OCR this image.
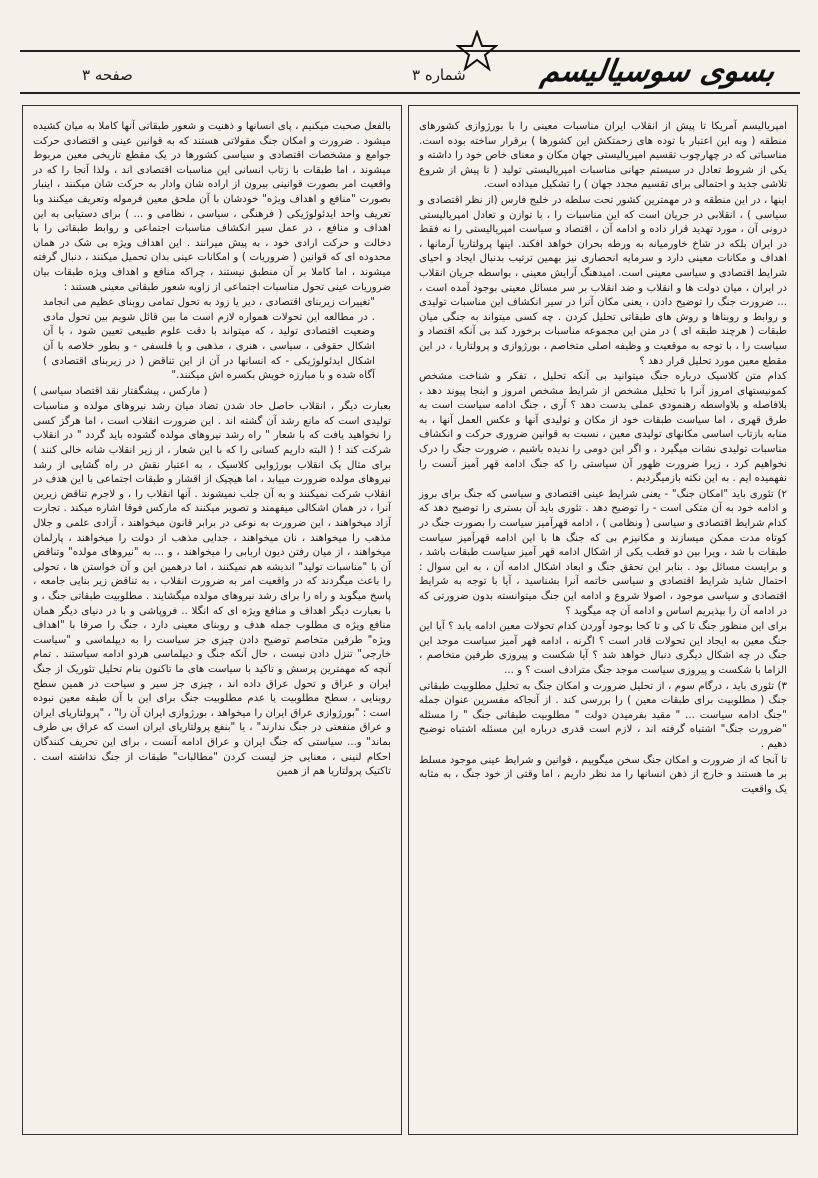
بسوی سوسیالیسم
شماره ۳
صفحه ۳

امپریالیسم آمریکا تا پیش از انقلاب ایران مناسبات معینی را با بورژوازی کشورهای منطقه ( وبه این اعتبار با توده های زحمتکش این کشورها ) برقرار ساخته بوده است. مناسباتی که در چهارچوب تقسیم امپریالیستی جهان مکان و معنای خاص خود را داشته و یکی از شروط تعادل در سیستم جهانی مناسبات امپریالیستی تولید ( تا پیش از شروع تلاشی جدید و احتمالی برای تقسیم مجدد جهان ) را تشکیل میداده است.

اینها ، در این منطقه و در مهمترین کشور تحت سلطه در خلیج فارس (از نظر اقتصادی و سیاسی ) ، انقلابی در جریان است که این مناسبات را ، با توازن و تعادل امپریالیستی درونی آن ، مورد تهدید قرار داده و ادامه آن ، اقتصاد و سیاست امپریالیستی را نه فقط در ایران بلکه در شاخ خاورمیانه به ورطه بحران خواهد افکند. اینها پرولتاریا آرمانها ، اهداف و مکانات معینی دارد و سرمایه انحصاری نیز بهمین ترتیب بدنبال ایجاد و احیای شرایط اقتصادی و سیاسی معینی است. امیدهنگ آرایش معینی ، بواسطه جریان انقلاب در ایران ، میان دولت ها و انقلاب و ضد انقلاب بر سر مسائل معینی بوجود آمده است ، ... ضرورت جنگ را توضیح دادن ، یعنی مکان آنرا در سیر انکشاف این مناسبات تولیدی و روابط و روبناها و روش های طبقاتی تحلیل کردن . چه کسی میتواند به جنگی میان طبقات ( هرچند طبقه ای ) در متن این مجموعه مناسبات برخورد کند بی آنکه اقتصاد و سیاست را ، با توجه به موقعیت و وظیفه اصلی متخاصم ، بورژوازی و پرولتاریا ، در این مقطع معین مورد تحلیل قرار دهد ؟

کدام متن کلاسیک درباره جنگ میتوانید بی آنکه تحلیل ، تفکر و شناخت مشخص کمونیستهای امروز آنرا با تحلیل مشخص از شرایط مشخص امروز و اینجا پیوند دهد ، بلافاصله و بلاواسطه رهنمودی عملی بدست دهد ؟ آری ، جنگ ادامه سیاست است به طرق قهری ، اما سیاست طبقات خود از مکان و تولیدی آنها و عکس العمل آنها ، به منابه بازتاب اساسی مکانهای تولیدی معین ، نسبت به قوانین ضروری حرکت و انکشاف مناسبات تولیدی نشات میگیرد ، و اگر این دومی را ندیده باشیم ، ضرورت جنگ را درک نخواهیم کرد ، زیرا ضرورت ظهور آن سیاستی را که جنگ ادامه قهر آمیز آنست را نفهمیده ایم . به این نکته بازمیگردیم .

۲) تئوری باید "امکان جنگ" - یعنی شرایط عینی اقتصادی و سیاسی که جنگ برای بروز و ادامه خود به آن متکی است - را توضیح دهد . تئوری باید آن بستری را توضیح دهد که کدام شرایط اقتصادی و سیاسی ( ونظامی ) ، ادامه قهرآمیز سیاست را بصورت جنگ در کوتاه مدت ممکن میسازند و مکانیزم بی که جنگ ها با این ادامه قهرآمیز سیاست طبقات با شد ، ویرا بین دو قطب یکی از اشکال ادامه قهر آمیز سیاست طبقات باشد ، و برایست مسائل بود . بنابر این تحقق جنگ و ابعاد اشکال ادامه آن ، به این سوال : احتمال شاید شرایط اقتصادی و سیاسی خاتمه آنرا بشناسید ، آیا با توجه به شرایط اقتصادی و سیاسی موجود ، اصولا شروع و ادامه این جنگ میتوانسته بدون ضرورتی که در ادامه آن را بپذیریم اساس و ادامه آن چه میگوید ؟

برای این منظور جنگ تا کی و تا کجا بوجود آوردن کدام تحولات معین ادامه یابد ؟ آیا این جنگ معین به ایجاد این تحولات قادر است ؟ اگرنه ، ادامه قهر آمیز سیاست موجد این جنگ در چه اشکال دیگری دنبال خواهد شد ؟ آیا شکست و پیروزی طرفین متخاصم ، الزاما با شکست و پیروزی سیاست موجد جنگ مترادف است ؟ و ...

۳) تئوری باید ، درگام سوم ، از تحلیل ضرورت و امکان جنگ به تحلیل مطلوبیت طبقاتی جنگ ( مطلوبیت برای طبقات معین ) را بررسی کند . از آنجاکه مفسرین عنوان جمله "جنگ ادامه سیاست ... " مقید بفرمیدن دولت " مطلوبیت طبقاتی جنگ " را مسئله "ضرورت جنگ" اشتباه گرفته اند ، لازم است قدری درباره این مسئله اشتباه توضیح دهیم .

تا آنجا که از ضرورت و امکان جنگ سخن میگوییم ، قوانین و شرایط عینی موجود مسلط بر ما هستند و خارج از ذهن انسانها را مد نظر داریم ، اما وقتی از خود جنگ ، به مثابه یک واقعیت

بالفعل صحبت میکنیم ، پای انسانها و ذهنیت و شعور طبقاتی آنها کاملا به میان کشیده میشود . ضرورت و امکان جنگ مقولاتی هستند که به قوانین عینی و اقتصادی حرکت جوامع و مشخصات اقتصادی و سیاسی کشورها در یک مقطع تاریخی معین مربوط میشوند ، اما طبقات با زتاب انسانی این مناسبات اقتصادی اند ، ولذا آنجا را که در واقعیت امر بصورت قوانینی بیرون از اراده شان وادار به حرکت شان میکنند ، اینبار بصورت "منافع و اهداف ویژه" خودشان با آن ملحق معین فرموله وتعریف میکنند وبا تعریف واحد ایدئولوژیکی ( فرهنگی ، سیاسی ، نظامی و ... ) برای دستیابی به این اهداف و منافع ، در عمل سیر انکشاف مناسبات اجتماعی و روابط طبقاتی را با دخالت و حرکت ارادی خود ، به پیش میرانند . این اهداف ویژه بی شک در همان محدوده ای که قوانین ( ضروریات ) و امکانات عینی بدان تحمیل میکنند ، دنبال گرفته میشوند ، اما کاملا بر آن منطبق نیستند ، چراکه منافع و اهداف ویژه طبقات بیان ضروریات عینی تحول مناسبات اجتماعی از زاویه شعور طبقاتی معینی هستند :

"تغییرات زیربنای اقتصادی ، دیر یا زود به تحول تمامی روبنای عظیم می انجامد . در مطالعه این تحولات همواره لازم است ما بین قائل شویم بین تحول مادی وضعیت اقتصادی تولید ، که میتواند با دقت علوم طبیعی تعیین شود ، با آن اشکال حقوقی ، سیاسی ، هنری ، مذهبی و یا فلسفی - و بطور خلاصه با آن اشکال ایدئولوژیکی - که انسانها در آن از این تناقض ( در زیربنای اقتصادی ) آگاه شده و با مبارزه خویش بکسره اش میکنند."

( مارکس ، پیشگفتار نقد اقتصاد سیاسی )

بعبارت دیگر ، انقلاب حاصل حاد شدن تضاد میان رشد نیروهای مولده و مناسبات تولیدی است که مانع رشد آن گشته اند . این ضرورت انقلاب است ، اما هرگز کسی را نخواهید یافت که با شعار " راه رشد نیروهای مولده گشوده باید گردد " در انقلاب شرکت کند ! ( البته داریم کسانی را که با این شعار ، از زیر انقلاب شانه خالی کنند ) برای مثال یک انقلاب بورژوایی کلاسیک ، به اعتبار نقش در راه گشایی از رشد نیروهای مولده ضرورت مییابد ، اما هیچیک از اقشار و طبقات اجتماعی با این هدف در انقلاب شرکت نمیکنند و به آن جلب نمیشوند . آنها انقلاب را ، و لاجرم تناقض زیرین آنرا ، در همان اشکالی میفهمند و تصویر میکنند که مارکس فوقا اشاره میکند . تجارت آزاد میخواهند ، این ضرورت به نوعی در برابر قانون میخواهند ، آزادی علمی و جلال مذهب را میخواهند ، نان میخواهند ، جدایی مذهب از دولت را میخواهند ، پارلمان میخواهند ، از میان رفتن دیون اربابی را میخواهند ، و ... به "نیروهای مولده" وتناقض آن با "مناسبات تولید" اندیشه هم نمیکنند ، اما درهمین این و آن خواستن ها ، تحولی را باعث میگردند که در واقعیت امر به ضرورت انقلاب ، به تناقض زیر بنایی جامعه ، پاسخ میگوید و راه را برای رشد نیروهای مولده میگشایند . مطلوبیت طبقاتی جنگ ، و با بعبارت دیگر اهداف و منافع ویژه ای که انگلا .. فروپاشی و با در دنیای دیگر همان منافع ویژه ی مطلوب جمله هدف و روبنای معینی دارد ، جنگ را صرفا با "اهداف ویژه" طرفین متخاصم توضیح دادن چیزی جز سیاست را به دیپلماسی و "سیاست خارجی" تنزل دادن نیست ، حال آنکه جنگ و دیپلماسی هردو ادامه سیاستند . تمام آنچه که مهمترین پرسش و تاکید با سیاست های ما تاکنون بنام تحلیل تئوریک از جنگ ایران و عراق و تحول عراق داده اند ، چیزی جز سیر و سیاحت در همین سطح روبنایی ، سطح مطلوبیت یا عدم مطلوبیت جنگ برای این با آن طبقه معین نبوده است : "بورژوازی عراق ایران را میخواهد ، بورژوازی ایران آن را" ، "پرولتاریای ایران و عراق منفعتی در جنگ ندارند" ، یا "بنفع پرولتاریای ایران است که عراق بی طرف بماند" و... سیاستی که جنگ ایران و عراق ادامه آنست ، برای این تحریف کنندگان احکام لنینی ، معنایی جز لیست کردن "مطالبات" طبقات از جنگ نداشته است . تاکتیک پرولتاریا هم از همین
